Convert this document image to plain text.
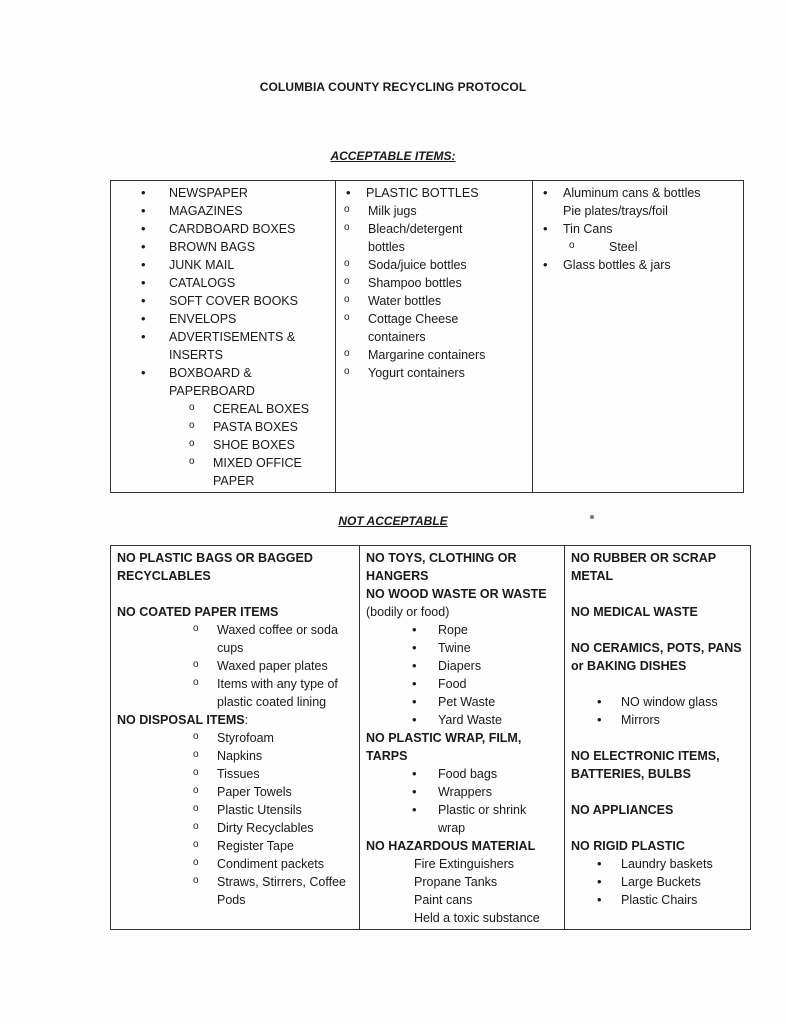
COLUMBIA COUNTY RECYCLING PROTOCOL
ACCEPTABLE ITEMS:
• NEWSPAPER
• MAGAZINES
• CARDBOARD BOXES
• BROWN BAGS
• JUNK MAIL
• CATALOGS
• SOFT COVER BOOKS
• ENVELOPS
• ADVERTISEMENTS & INSERTS
• BOXBOARD & PAPERBOARD
o CEREAL BOXES
o PASTA BOXES
o SHOE BOXES
o MIXED OFFICE PAPER

• PLASTIC BOTTLES
o Milk jugs
o Bleach/detergent bottles
o Soda/juice bottles
o Shampoo bottles
o Water bottles
o Cottage Cheese containers
o Margarine containers
o Yogurt containers

• Aluminum cans & bottles
Pie plates/trays/foil
• Tin Cans
o Steel
• Glass bottles & jars
NOT ACCEPTABLE
NO PLASTIC BAGS OR BAGGED RECYCLABLES
NO COATED PAPER ITEMS
o Waxed coffee or soda cups
o Waxed paper plates
o Items with any type of plastic coated lining
NO DISPOSAL ITEMS:
o Styrofoam
o Napkins
o Tissues
o Paper Towels
o Plastic Utensils
o Dirty Recyclables
o Register Tape
o Condiment packets
o Straws, Stirrers, Coffee Pods

NO TOYS, CLOTHING OR HANGERS
NO WOOD WASTE OR WASTE
(bodily or food)
• Rope
• Twine
• Diapers
• Food
• Pet Waste
• Yard Waste
NO PLASTIC WRAP, FILM, TARPS
• Food bags
• Wrappers
• Plastic or shrink wrap
NO HAZARDOUS MATERIAL
Fire Extinguishers
Propane Tanks
Paint cans
Held a toxic substance

NO RUBBER OR SCRAP METAL
NO MEDICAL WASTE
NO CERAMICS, POTS, PANS or BAKING DISHES
• NO window glass
• Mirrors
NO ELECTRONIC ITEMS, BATTERIES, BULBS
NO APPLIANCES
NO RIGID PLASTIC
• Laundry baskets
• Large Buckets
• Plastic Chairs
